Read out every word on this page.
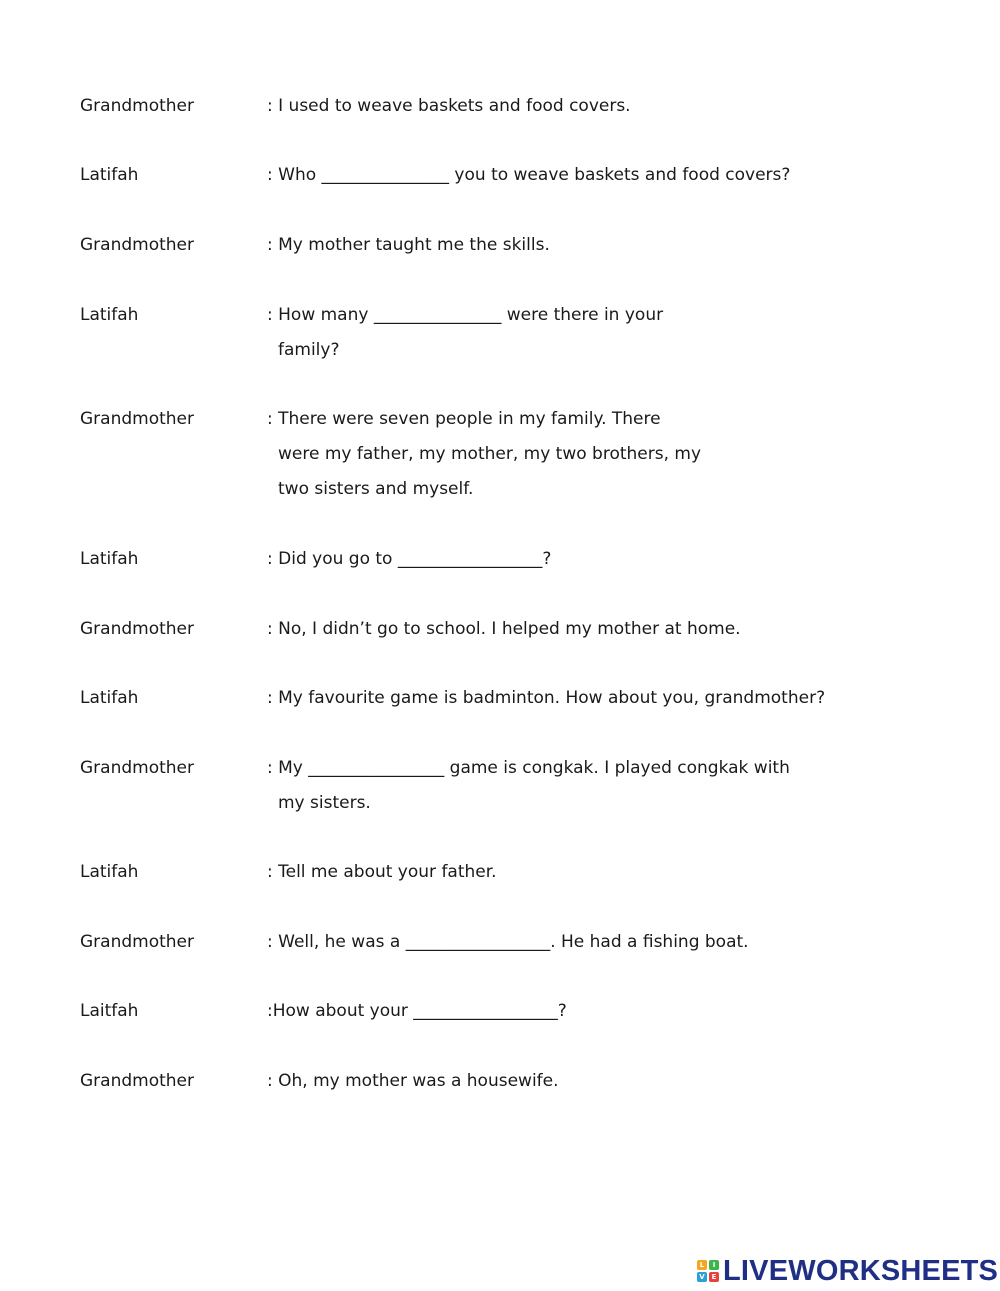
Grandmother	: I used to weave baskets and food covers.
Latifah	: Who _______________ you to weave baskets and food covers?
Grandmother	: My mother taught me the skills.
Latifah	: How many _______________ were there in your
family?
Grandmother	: There were seven people in my family. There
were my father, my mother, my two brothers, my
two sisters and myself.
Latifah	: Did you go to _________________?
Grandmother	: No, I didn’t go to school. I helped my mother at home.
Latifah	: My favourite game is badminton. How about you, grandmother?
Grandmother	: My ________________ game is congkak. I played congkak with
my sisters.
Latifah	: Tell me about your father.
Grandmother	: Well, he was a _________________. He had a fishing boat.
Laitfah	:How about your _________________?
Grandmother	: Oh, my mother was a housewife.
L	I
V E LIVEWORKSHEETS
